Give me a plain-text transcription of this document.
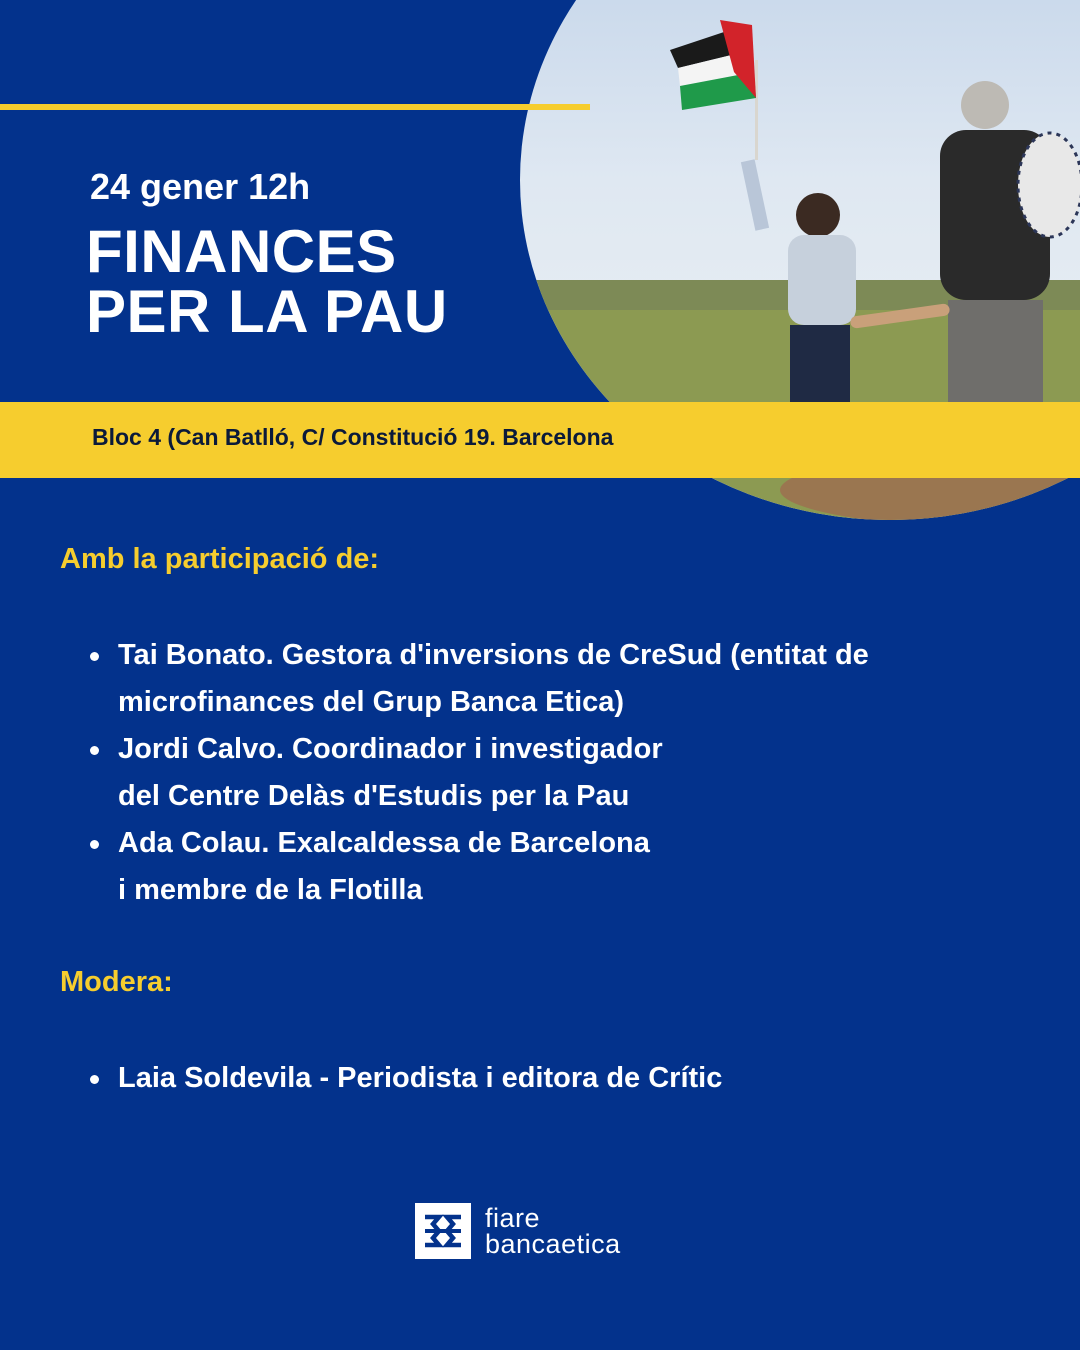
24 gener 12h
FINANCES
PER LA PAU
Bloc 4 (Can Batlló, C/ Constitució 19. Barcelona
Amb la participació de:
Tai Bonato. Gestora d'inversions de CreSud (entitat de
microfinances del Grup Banca Etica)
Jordi Calvo. Coordinador i investigador
del Centre Delàs d'Estudis per la Pau
Ada Colau. Exalcaldessa de Barcelona
i membre de la Flotilla
Modera:
Laia Soldevila - Periodista i editora de Crític
fiare
bancaetica
